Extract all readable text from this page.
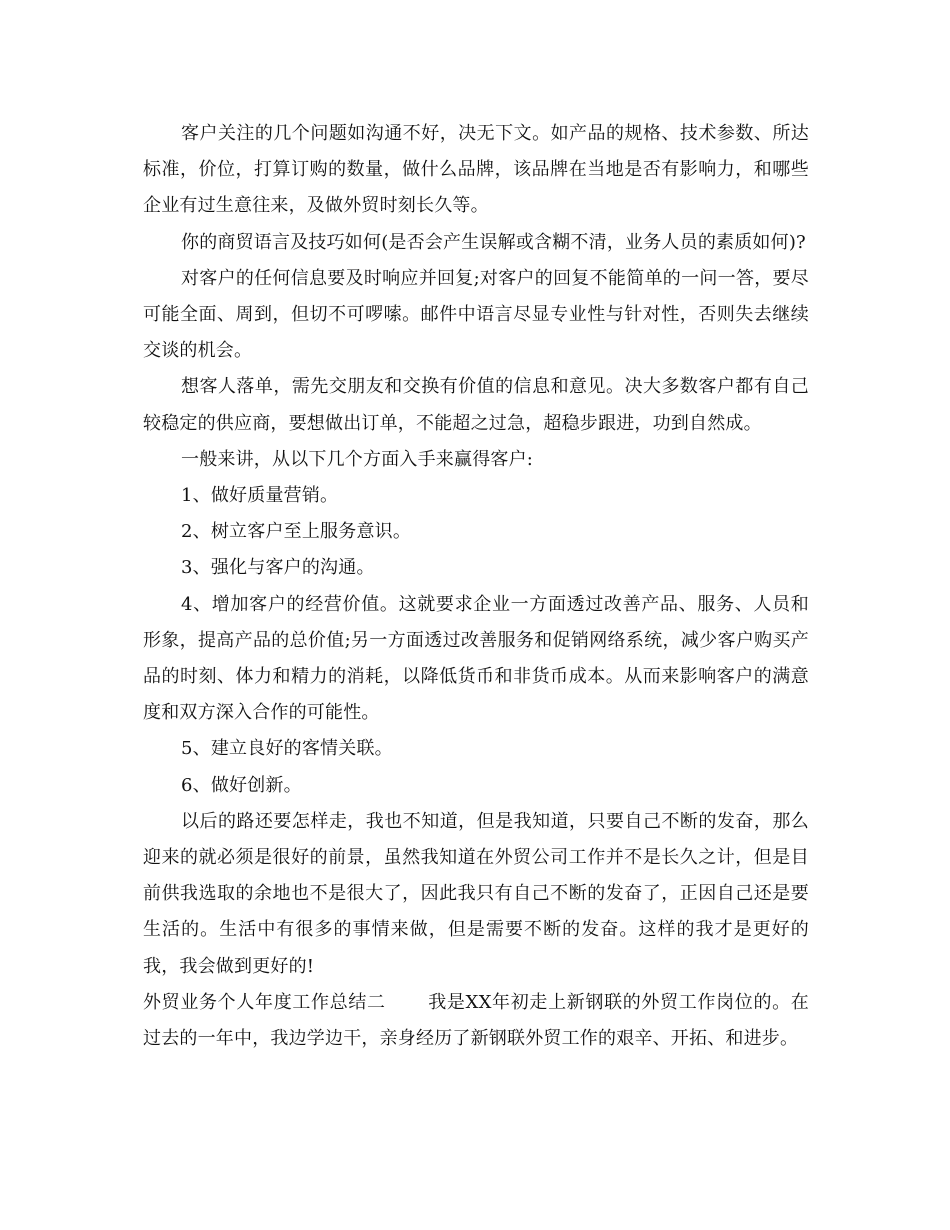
客户关注的几个问题如沟通不好，决无下文。如产品的规格、技术参数、所达标准，价位，打算订购的数量，做什么品牌，该品牌在当地是否有影响力，和哪些企业有过生意往来，及做外贸时刻长久等。

你的商贸语言及技巧如何(是否会产生误解或含糊不清，业务人员的素质如何)?

对客户的任何信息要及时响应并回复;对客户的回复不能简单的一问一答，要尽可能全面、周到，但切不可啰嗦。邮件中语言尽显专业性与针对性，否则失去继续交谈的机会。

想客人落单，需先交朋友和交换有价值的信息和意见。决大多数客户都有自己较稳定的供应商，要想做出订单，不能超之过急，超稳步跟进，功到自然成。

一般来讲，从以下几个方面入手来赢得客户:

1、做好质量营销。
2、树立客户至上服务意识。
3、强化与客户的沟通。
4、增加客户的经营价值。这就要求企业一方面透过改善产品、服务、人员和形象，提高产品的总价值;另一方面透过改善服务和促销网络系统，减少客户购买产品的时刻、体力和精力的消耗，以降低货币和非货币成本。从而来影响客户的满意度和双方深入合作的可能性。
5、建立良好的客情关联。
6、做好创新。

以后的路还要怎样走，我也不知道，但是我知道，只要自己不断的发奋，那么迎来的就必须是很好的前景，虽然我知道在外贸公司工作并不是长久之计，但是目前供我选取的余地也不是很大了，因此我只有自己不断的发奋了，正因自己还是要生活的。生活中有很多的事情来做，但是需要不断的发奋。这样的我才是更好的我，我会做到更好的!

外贸业务个人年度工作总结二 我是XX年初走上新钢联的外贸工作岗位的。在过去的一年中，我边学边干，亲身经历了新钢联外贸工作的艰辛、开拓、和进步。
